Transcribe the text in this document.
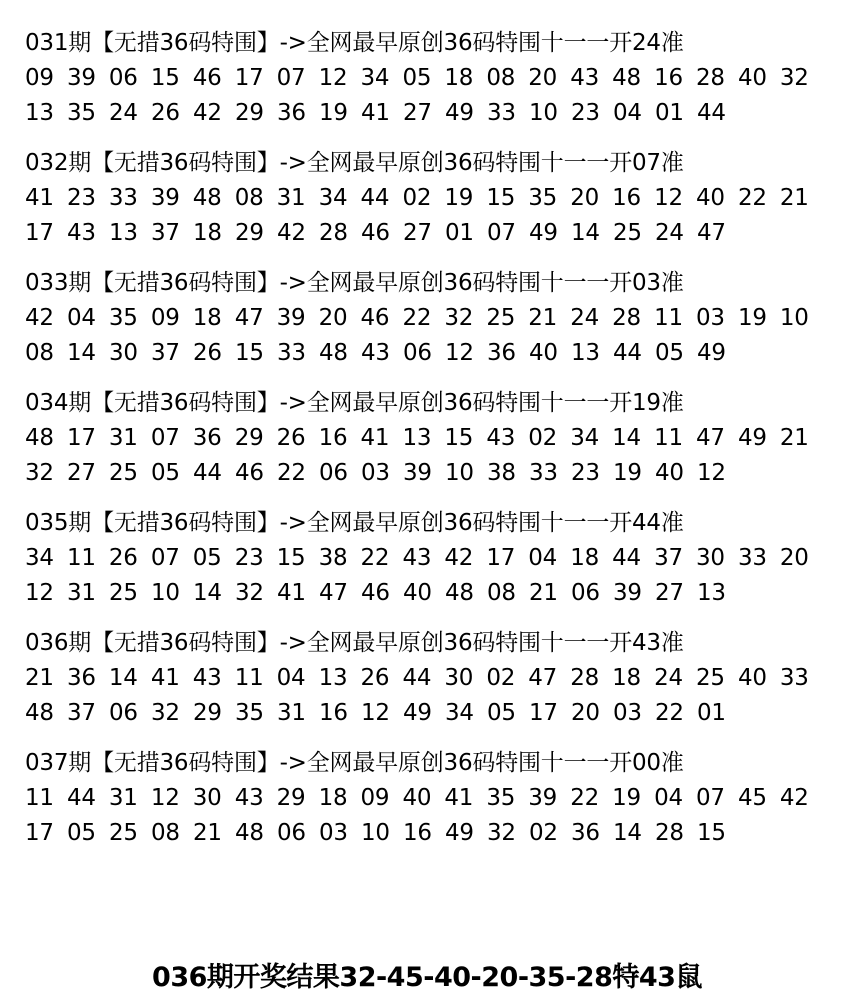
031期【无措36码特围】->全网最早原创36码特围十一一开24准
09 39 06 15 46 17 07 12 34 05 18 08 20 43 48 16 28 40 32
13 35 24 26 42 29 36 19 41 27 49 33 10 23 04 01 44
032期【无措36码特围】->全网最早原创36码特围十一一开07准
41 23 33 39 48 08 31 34 44 02 19 15 35 20 16 12 40 22 21
17 43 13 37 18 29 42 28 46 27 01 07 49 14 25 24 47
033期【无措36码特围】->全网最早原创36码特围十一一开03准
42 04 35 09 18 47 39 20 46 22 32 25 21 24 28 11 03 19 10
08 14 30 37 26 15 33 48 43 06 12 36 40 13 44 05 49
034期【无措36码特围】->全网最早原创36码特围十一一开19准
48 17 31 07 36 29 26 16 41 13 15 43 02 34 14 11 47 49 21
32 27 25 05 44 46 22 06 03 39 10 38 33 23 19 40 12
035期【无措36码特围】->全网最早原创36码特围十一一开44准
34 11 26 07 05 23 15 38 22 43 42 17 04 18 44 37 30 33 20
12 31 25 10 14 32 41 47 46 40 48 08 21 06 39 27 13
036期【无措36码特围】->全网最早原创36码特围十一一开43准
21 36 14 41 43 11 04 13 26 44 30 02 47 28 18 24 25 40 33
48 37 06 32 29 35 31 16 12 49 34 05 17 20 03 22 01
037期【无措36码特围】->全网最早原创36码特围十一一开00准
11 44 31 12 30 43 29 18 09 40 41 35 39 22 19 04 07 45 42
17 05 25 08 21 48 06 03 10 16 49 32 02 36 14 28 15
036期开奖结果32-45-40-20-35-28特43鼠
